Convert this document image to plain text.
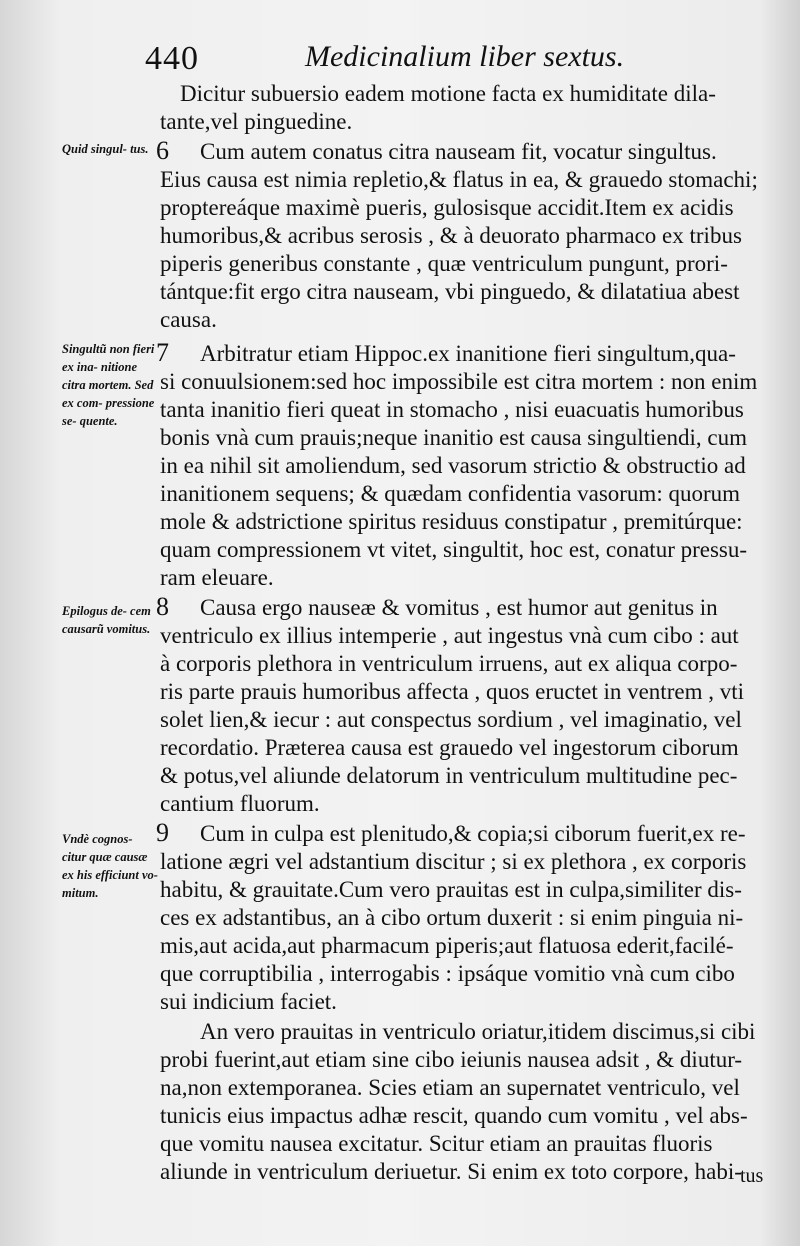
440	Medicinalium liber sextus.
Quid singul- tus.
Singultũ non fieri ex ina- nitione citra mortem. Sed ex com- pressione se- quente.
Epilogus de- cem causarũ vomitus.
Vndè cognos- citur quæ causæ ex his efficiunt vo- mitum.
6
7
8
9
Dicitur subuersio eadem motione facta ex humiditate dila-
tante,vel pinguedine.
Cum autem conatus citra nauseam fit, vocatur singultus.
Eius causa est nimia repletio,& flatus in ea, & grauedo stomachi;
proptereáque maximè pueris, gulosisque accidit.Item ex acidis
humoribus,& acribus serosis , & à deuorato pharmaco ex tribus
piperis generibus constante , quæ ventriculum pungunt, prori-
tántque:fit ergo citra nauseam, vbi pinguedo, & dilatatiua abest
causa.
Arbitratur etiam Hippoc.ex inanitione fieri singultum,qua-
si conuulsionem:sed hoc impossibile est citra mortem : non enim
tanta inanitio fieri queat in stomacho , nisi euacuatis humoribus
bonis vnà cum prauis;neque inanitio est causa singultiendi, cum
in ea nihil sit amoliendum, sed vasorum strictio & obstructio ad
inanitionem sequens; & quædam confidentia vasorum: quorum
mole & adstrictione spiritus residuus constipatur , premitúrque:
quam compressionem vt vitet, singultit, hoc est, conatur pressu-
ram eleuare.
Causa ergo nauseæ & vomitus , est humor aut genitus in
ventriculo ex illius intemperie , aut ingestus vnà cum cibo : aut
à corporis plethora in ventriculum irruens, aut ex aliqua corpo-
ris parte prauis humoribus affecta , quos eructet in ventrem , vti
solet lien,& iecur : aut conspectus sordium , vel imaginatio, vel
recordatio. Præterea causa est grauedo vel ingestorum ciborum
& potus,vel aliunde delatorum in ventriculum multitudine pec-
cantium fluorum.
Cum in culpa est plenitudo,& copia;si ciborum fuerit,ex re-
latione ægri vel adstantium discitur ; si ex plethora , ex corporis
habitu, & grauitate.Cum vero prauitas est in culpa,similiter dis-
ces ex adstantibus, an à cibo ortum duxerit : si enim pinguia ni-
mis,aut acida,aut pharmacum piperis;aut flatuosa ederit,facilé-
que corruptibilia , interrogabis : ipsáque vomitio vnà cum cibo
sui indicium faciet.
An vero prauitas in ventriculo oriatur,itidem discimus,si cibi
probi fuerint,aut etiam sine cibo ieiunis nausea adsit , & diutur-
na,non extemporanea. Scies etiam an supernatet ventriculo, vel
tunicis eius impactus adhæ rescit, quando cum vomitu , vel abs-
que vomitu nausea excitatur. Scitur etiam an prauitas fluoris
aliunde in ventriculum deriuetur. Si enim ex toto corpore, habi-
tus
